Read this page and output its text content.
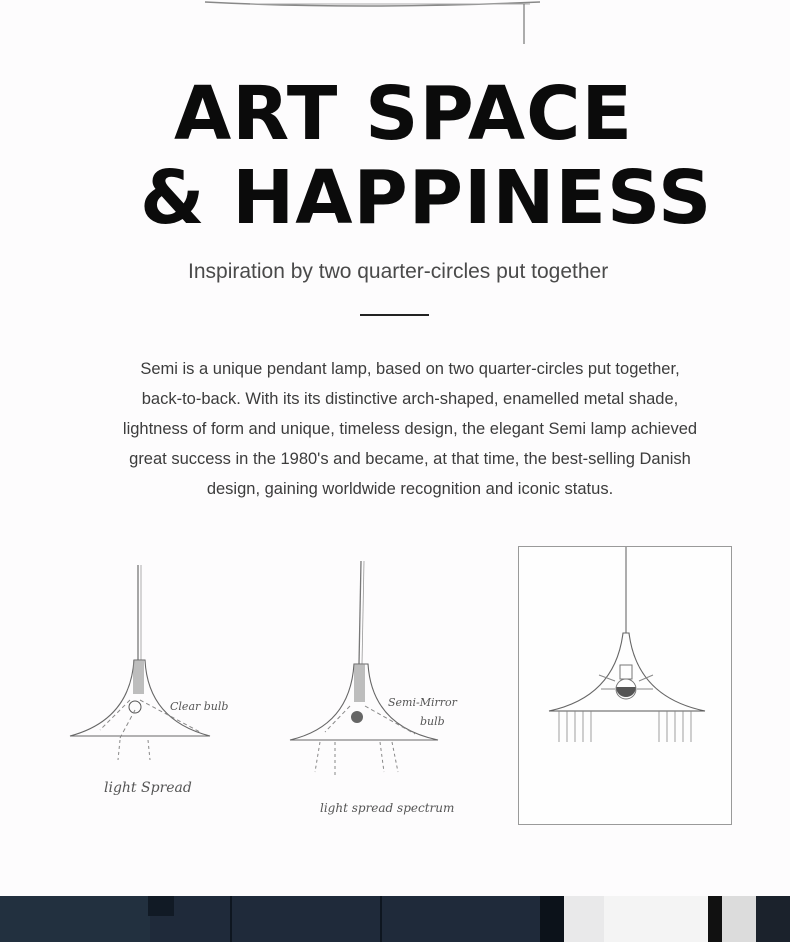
ART SPACE
& HAPPINESS
Inspiration by two quarter-circles put together
Semi is a unique pendant lamp, based on two quarter-circles put together,
back-to-back. With its its distinctive arch-shaped, enamelled metal shade,
lightness of form and unique, timeless design, the elegant Semi lamp achieved
great success in the 1980's and became, at that time, the best-selling Danish
design, gaining worldwide recognition and iconic status.
Clear bulb
light Spread
Semi-Mirror
bulb
light spread spectrum
